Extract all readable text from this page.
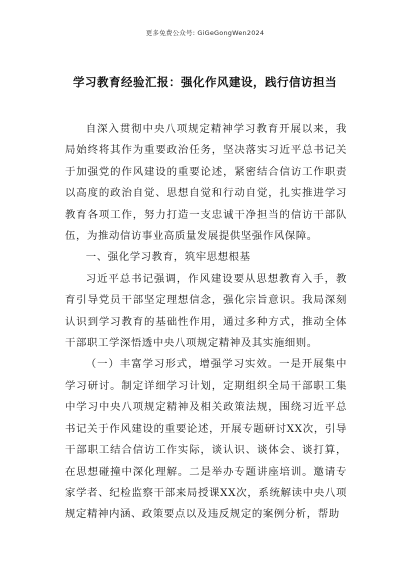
更多免费公众号: GiGeGongWen2024
学习教育经验汇报：强化作风建设，践行信访担当

自深入贯彻中央八项规定精神学习教育开展以来，我局始终将其作为重要政治任务，坚决落实习近平总书记关于加强党的作风建设的重要论述，紧密结合信访工作职责以高度的政治自觉、思想自觉和行动自觉，扎实推进学习教育各项工作，努力打造一支忠诚干净担当的信访干部队伍，为推动信访事业高质量发展提供坚强作风保障。

一、强化学习教育，筑牢思想根基

习近平总书记强调，作风建设要从思想教育入手，教育引导党员干部坚定理想信念，强化宗旨意识。我局深刻认识到学习教育的基础性作用，通过多种方式，推动全体干部职工学深悟透中央八项规定精神及其实施细则。

（一）丰富学习形式，增强学习实效。一是开展集中学习研讨。制定详细学习计划，定期组织全局干部职工集中学习中央八项规定精神及相关政策法规，围绕习近平总书记关于作风建设的重要论述，开展专题研讨XX次，引导干部职工结合信访工作实际，谈认识、谈体会、谈打算，在思想碰撞中深化理解。二是举办专题讲座培训。邀请专家学者、纪检监察干部来局授课XX次，系统解读中央八项规定精神内涵、政策要点以及违反规定的案例分析，帮助
